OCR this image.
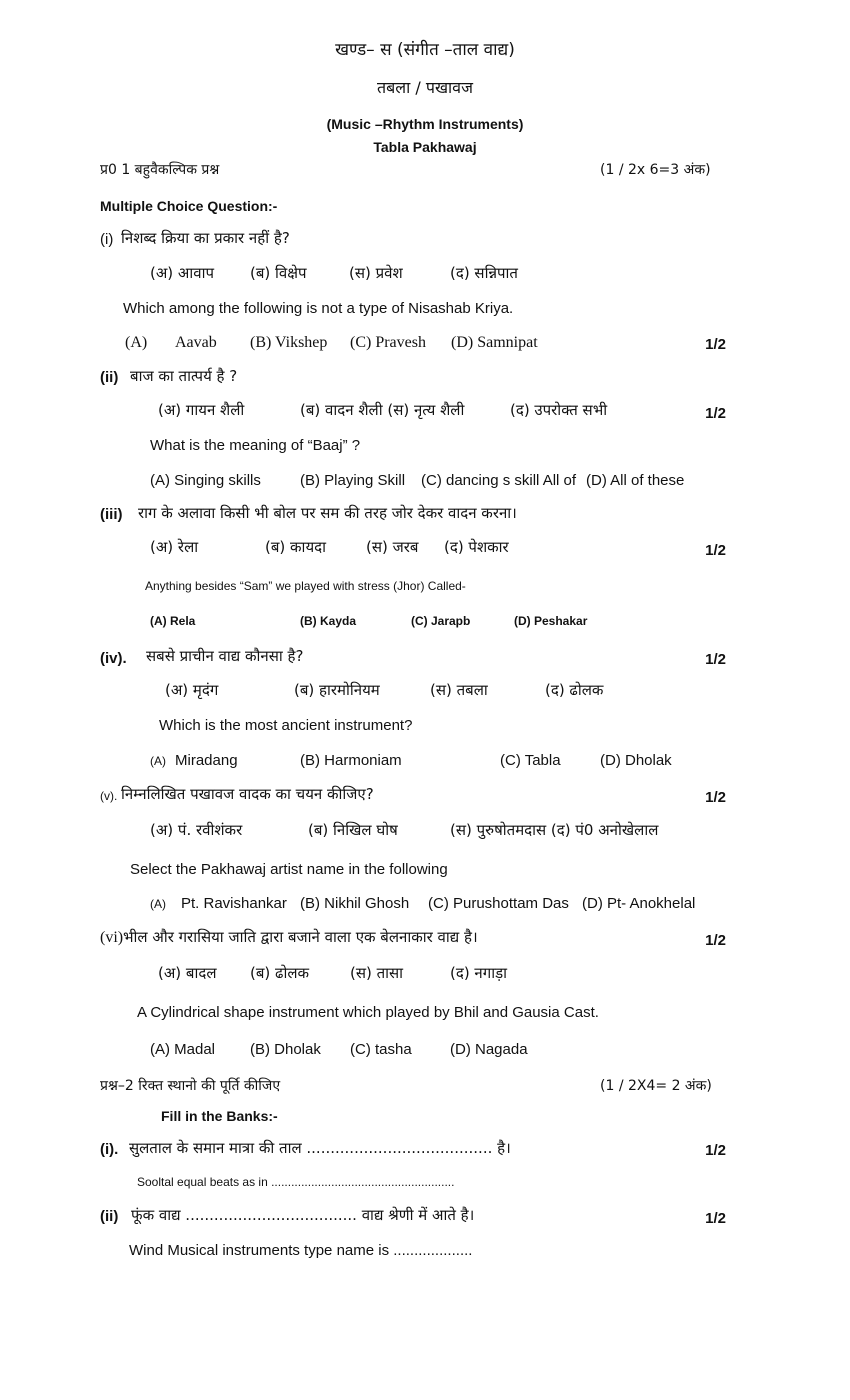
खण्ड– स (संगीत –ताल वाद्य)
तबला / पखावज
(Music –Rhythm Instruments)
Tabla Pakhawaj
प्र0 1 बहुवैकल्पिक प्रश्न	(1 / 2x 6=3 अंक)
Multiple Choice Question:-
(i) निशब्द क्रिया का प्रकार नहीं है?
(अ) आवाप (ब) विक्षेप	(स) प्रवेश	(द) सन्निपात
Which among the following is not a type of Nisashab Kriya.
(A) Aavab (B) Vikshep (C) Pravesh (D) Samnipat	1/2
(ii) बाज का तात्पर्य है ?
(अ) गायन शैली	(ब) वादन शैली (स) नृत्य शैली	(द) उपरोक्त सभी	1/2
What is the meaning of “Baaj” ?
(A) Singing skills	(B) Playing Skill (C) dancing s skill All of (D) All of these
(iii) राग के अलावा किसी भी बोल पर सम की तरह जोर देकर वादन करना।
(अ) रेला	(ब) कायदा	(स) जरब (द) पेशकार	1/2
Anything besides “Sam” we played with stress (Jhor) Called-
(A) Rela	(B) Kayda	(C) Jarapb	(D) Peshakar
(iv). सबसे प्राचीन वाद्य कौनसा है?	1/2
(अ) मृदंग	(ब) हारमोनियम	(स) तबला	(द) ढोलक
Which is the most ancient instrument?
(A) Miradang	(B) Harmoniam	(C) Tabla	(D) Dholak
(v). निम्नलिखित पखावज वादक का चयन कीजिए?	1/2
(अ) पं. रवीशंकर	(ब) निखिल घोष	(स) पुरुषोतमदास (द) पं0 अनोखेलाल
Select the Pakhawaj artist name in the following
(A) Pt. Ravishankar (B) Nikhil Ghosh (C) Purushottam Das (D) Pt- Anokhelal
(vi) भील और गरासिया जाति द्वारा बजाने वाला एक बेलनाकार वाद्य है।	1/2
(अ) बादल (ब) ढोलक	(स) तासा	(द) नगाड़ा
A Cylindrical shape instrument which played by Bhil and Gausia Cast.
(A) Madal (B) Dholak (C) tasha	(D) Nagada
प्रश्न–2 रिक्त स्थानो की पूर्ति कीजिए	(1 / 2X4= 2 अंक)
Fill in the Banks:-
(i). सुलताल के समान मात्रा की ताल ....................................... है।	1/2
Sooltal equal beats as in .......................................................
(ii) फूंक वाद्य .................................... वाद्य श्रेणी में आते है।	1/2
Wind Musical instruments type name is ...................
